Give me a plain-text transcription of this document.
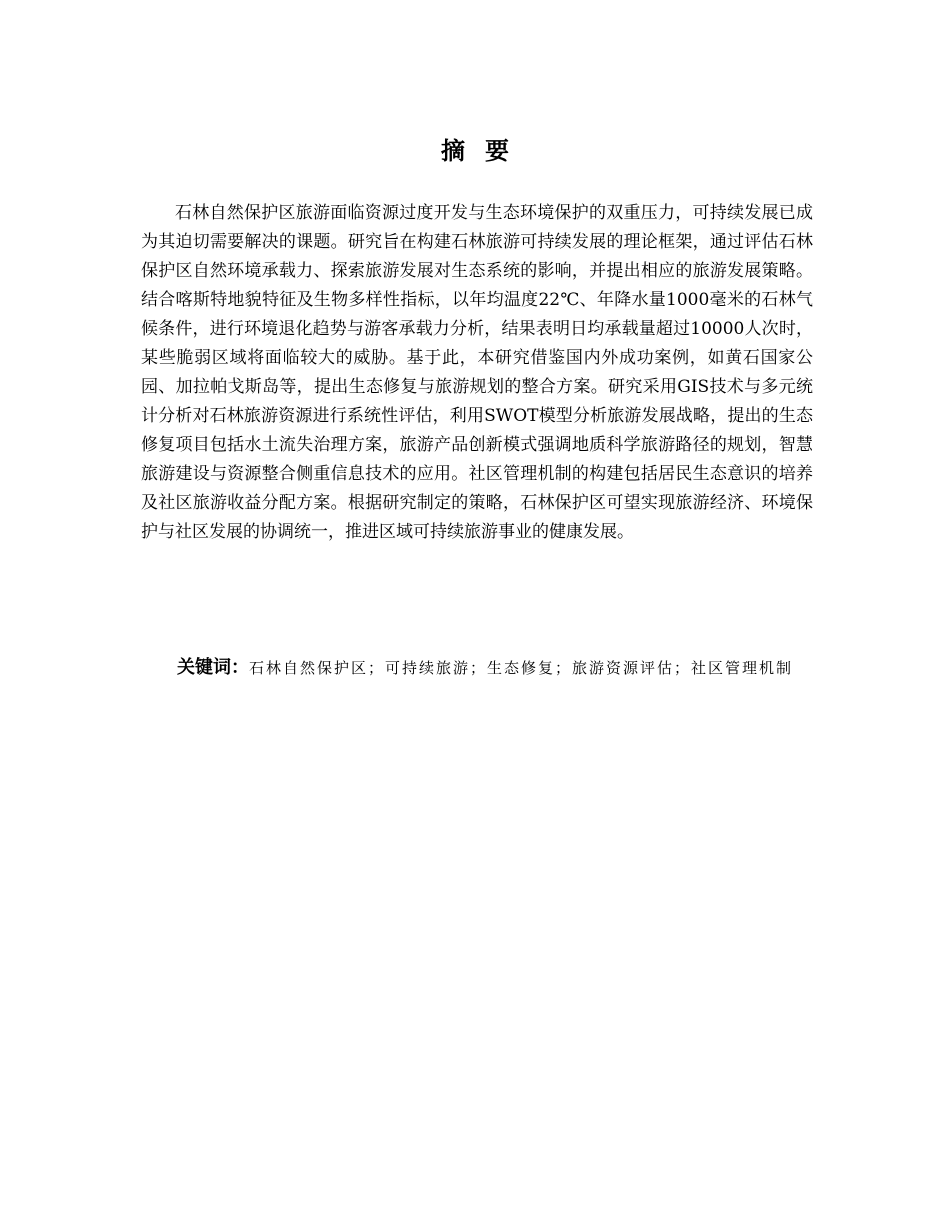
摘要

石林自然保护区旅游面临资源过度开发与生态环境保护的双重压力，可持续发展已成为其迫切需要解决的课题。研究旨在构建石林旅游可持续发展的理论框架，通过评估石林保护区自然环境承载力、探索旅游发展对生态系统的影响，并提出相应的旅游发展策略。结合喀斯特地貌特征及生物多样性指标，以年均温度22℃、年降水量1000毫米的石林气候条件，进行环境退化趋势与游客承载力分析，结果表明日均承载量超过10000人次时，某些脆弱区域将面临较大的威胁。基于此，本研究借鉴国内外成功案例，如黄石国家公园、加拉帕戈斯岛等，提出生态修复与旅游规划的整合方案。研究采用GIS技术与多元统计分析对石林旅游资源进行系统性评估，利用SWOT模型分析旅游发展战略，提出的生态修复项目包括水土流失治理方案，旅游产品创新模式强调地质科学旅游路径的规划，智慧旅游建设与资源整合侧重信息技术的应用。社区管理机制的构建包括居民生态意识的培养及社区旅游收益分配方案。根据研究制定的策略，石林保护区可望实现旅游经济、环境保护与社区发展的协调统一，推进区域可持续旅游事业的健康发展。

关键词：石林自然保护区；可持续旅游；生态修复；旅游资源评估；社区管理机制
